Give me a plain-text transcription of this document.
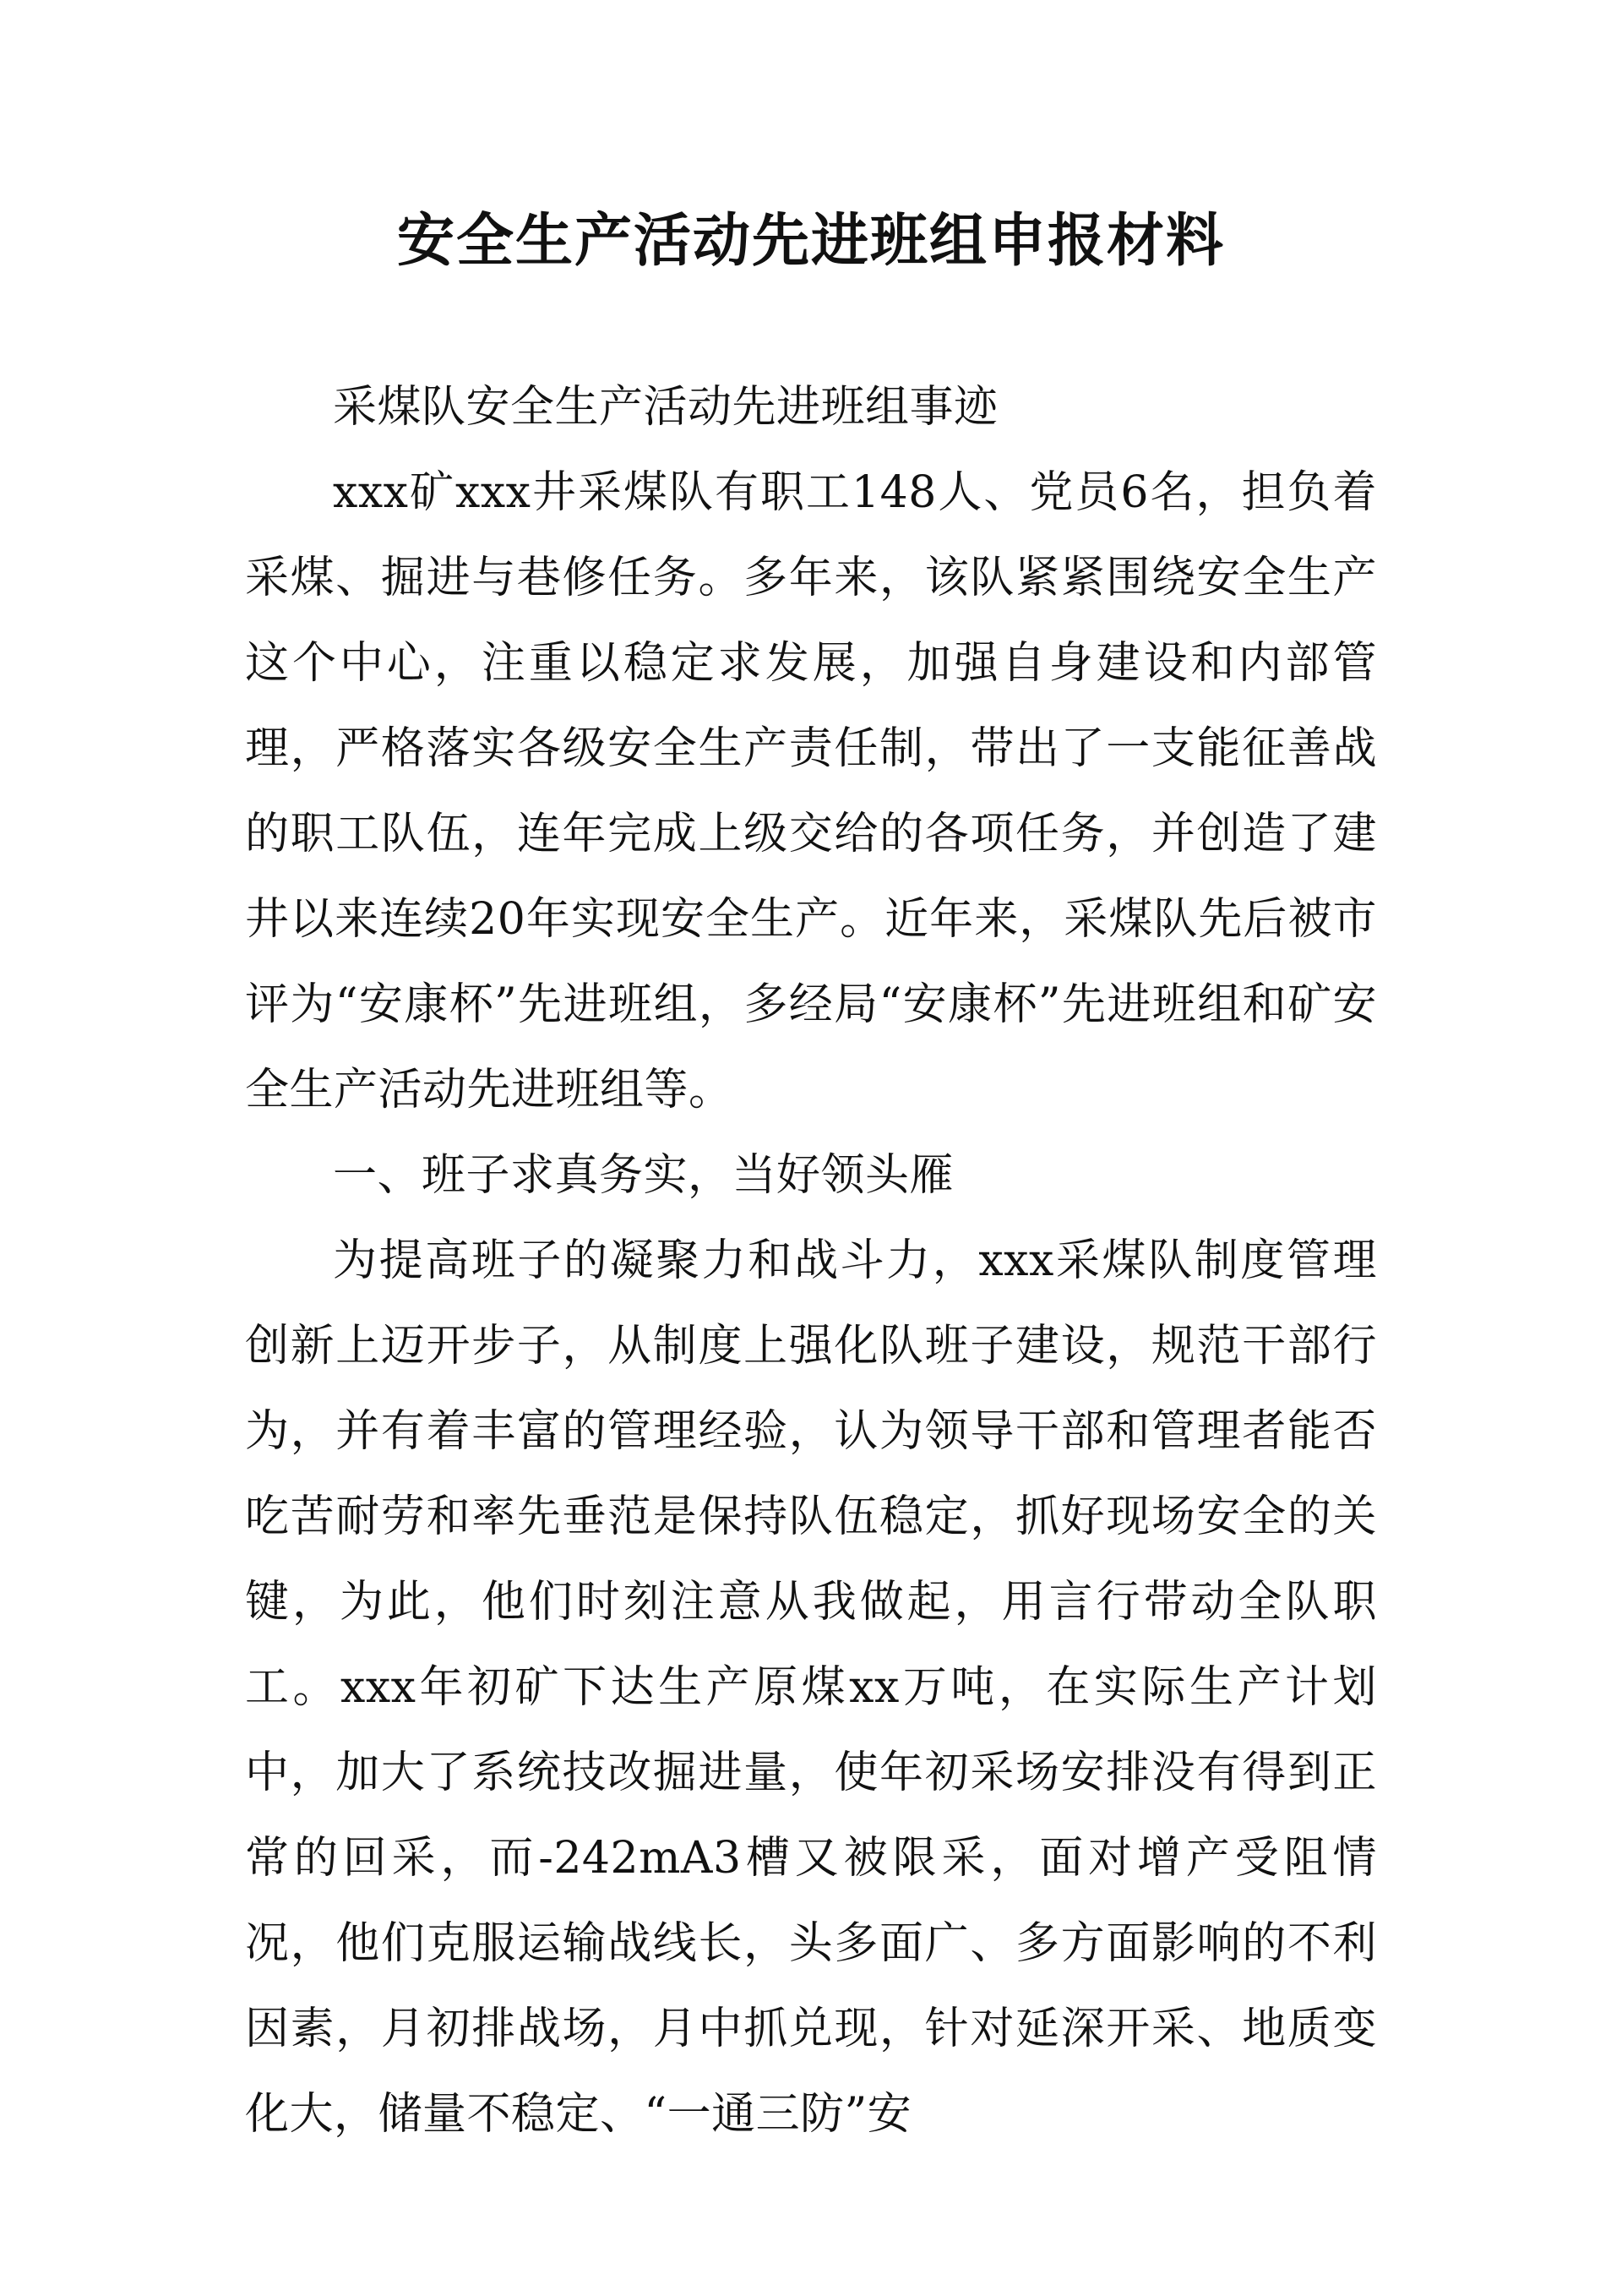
安全生产活动先进班组申报材料

采煤队安全生产活动先进班组事迹

xxx矿xxx井采煤队有职工148人、党员6名，担负着采煤、掘进与巷修任务。多年来，该队紧紧围绕安全生产这个中心，注重以稳定求发展，加强自身建设和内部管理，严格落实各级安全生产责任制，带出了一支能征善战的职工队伍，连年完成上级交给的各项任务，并创造了建井以来连续20年实现安全生产。近年来，采煤队先后被市评为“安康杯”先进班组，多经局“安康杯”先进班组和矿安全生产活动先进班组等。

一、班子求真务实，当好领头雁

为提高班子的凝聚力和战斗力，xxx采煤队制度管理创新上迈开步子，从制度上强化队班子建设，规范干部行为，并有着丰富的管理经验，认为领导干部和管理者能否吃苦耐劳和率先垂范是保持队伍稳定，抓好现场安全的关键，为此，他们时刻注意从我做起，用言行带动全队职工。xxx年初矿下达生产原煤xx万吨，在实际生产计划中，加大了系统技改掘进量，使年初采场安排没有得到正常的回采，而-242mA3槽又被限采，面对增产受阻情况，他们克服运输战线长，头多面广、多方面影响的不利因素，月初排战场，月中抓兑现，针对延深开采、地质变化大，储量不稳定、“一通三防”安
